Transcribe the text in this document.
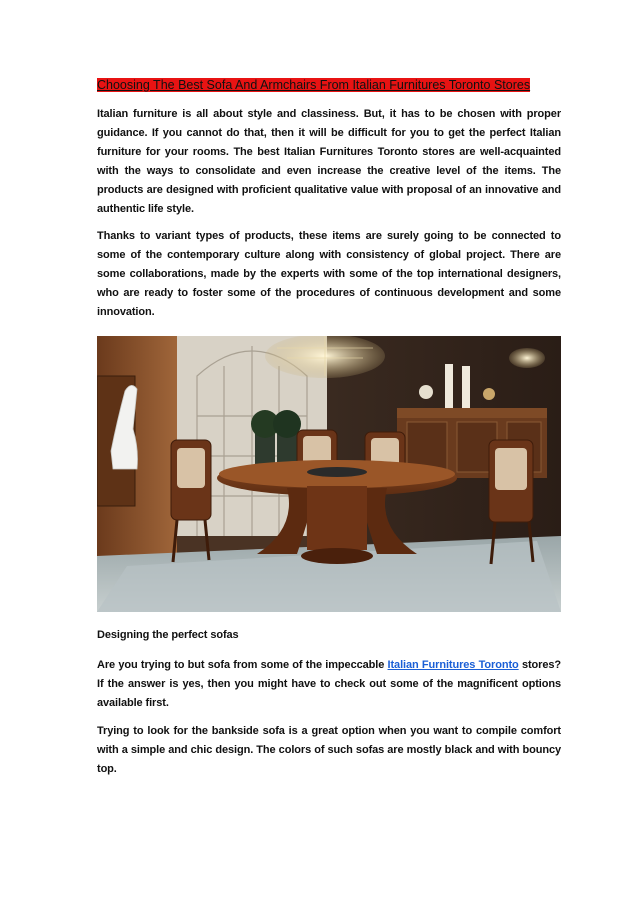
Choosing The Best Sofa And Armchairs From Italian Furnitures Toronto Stores

Italian furniture is all about style and classiness. But, it has to be chosen with proper guidance. If you cannot do that, then it will be difficult for you to get the perfect Italian furniture for your rooms. The best Italian Furnitures Toronto stores are well-acquainted with the ways to consolidate and even increase the creative level of the items. The products are designed with proficient qualitative value with proposal of an innovative and authentic life style.

Thanks to variant types of products, these items are surely going to be connected to some of the contemporary culture along with consistency of global project. There are some collaborations, made by the experts with some of the top international designers, who are ready to foster some of the procedures of continuous development and some innovation.

Designing the perfect sofas

Are you trying to but sofa from some of the impeccable Italian Furnitures Toronto stores? If the answer is yes, then you might have to check out some of the magnificent options available first.

Trying to look for the bankside sofa is a great option when you want to compile comfort with a simple and chic design. The colors of such sofas are mostly black and with bouncy top.
